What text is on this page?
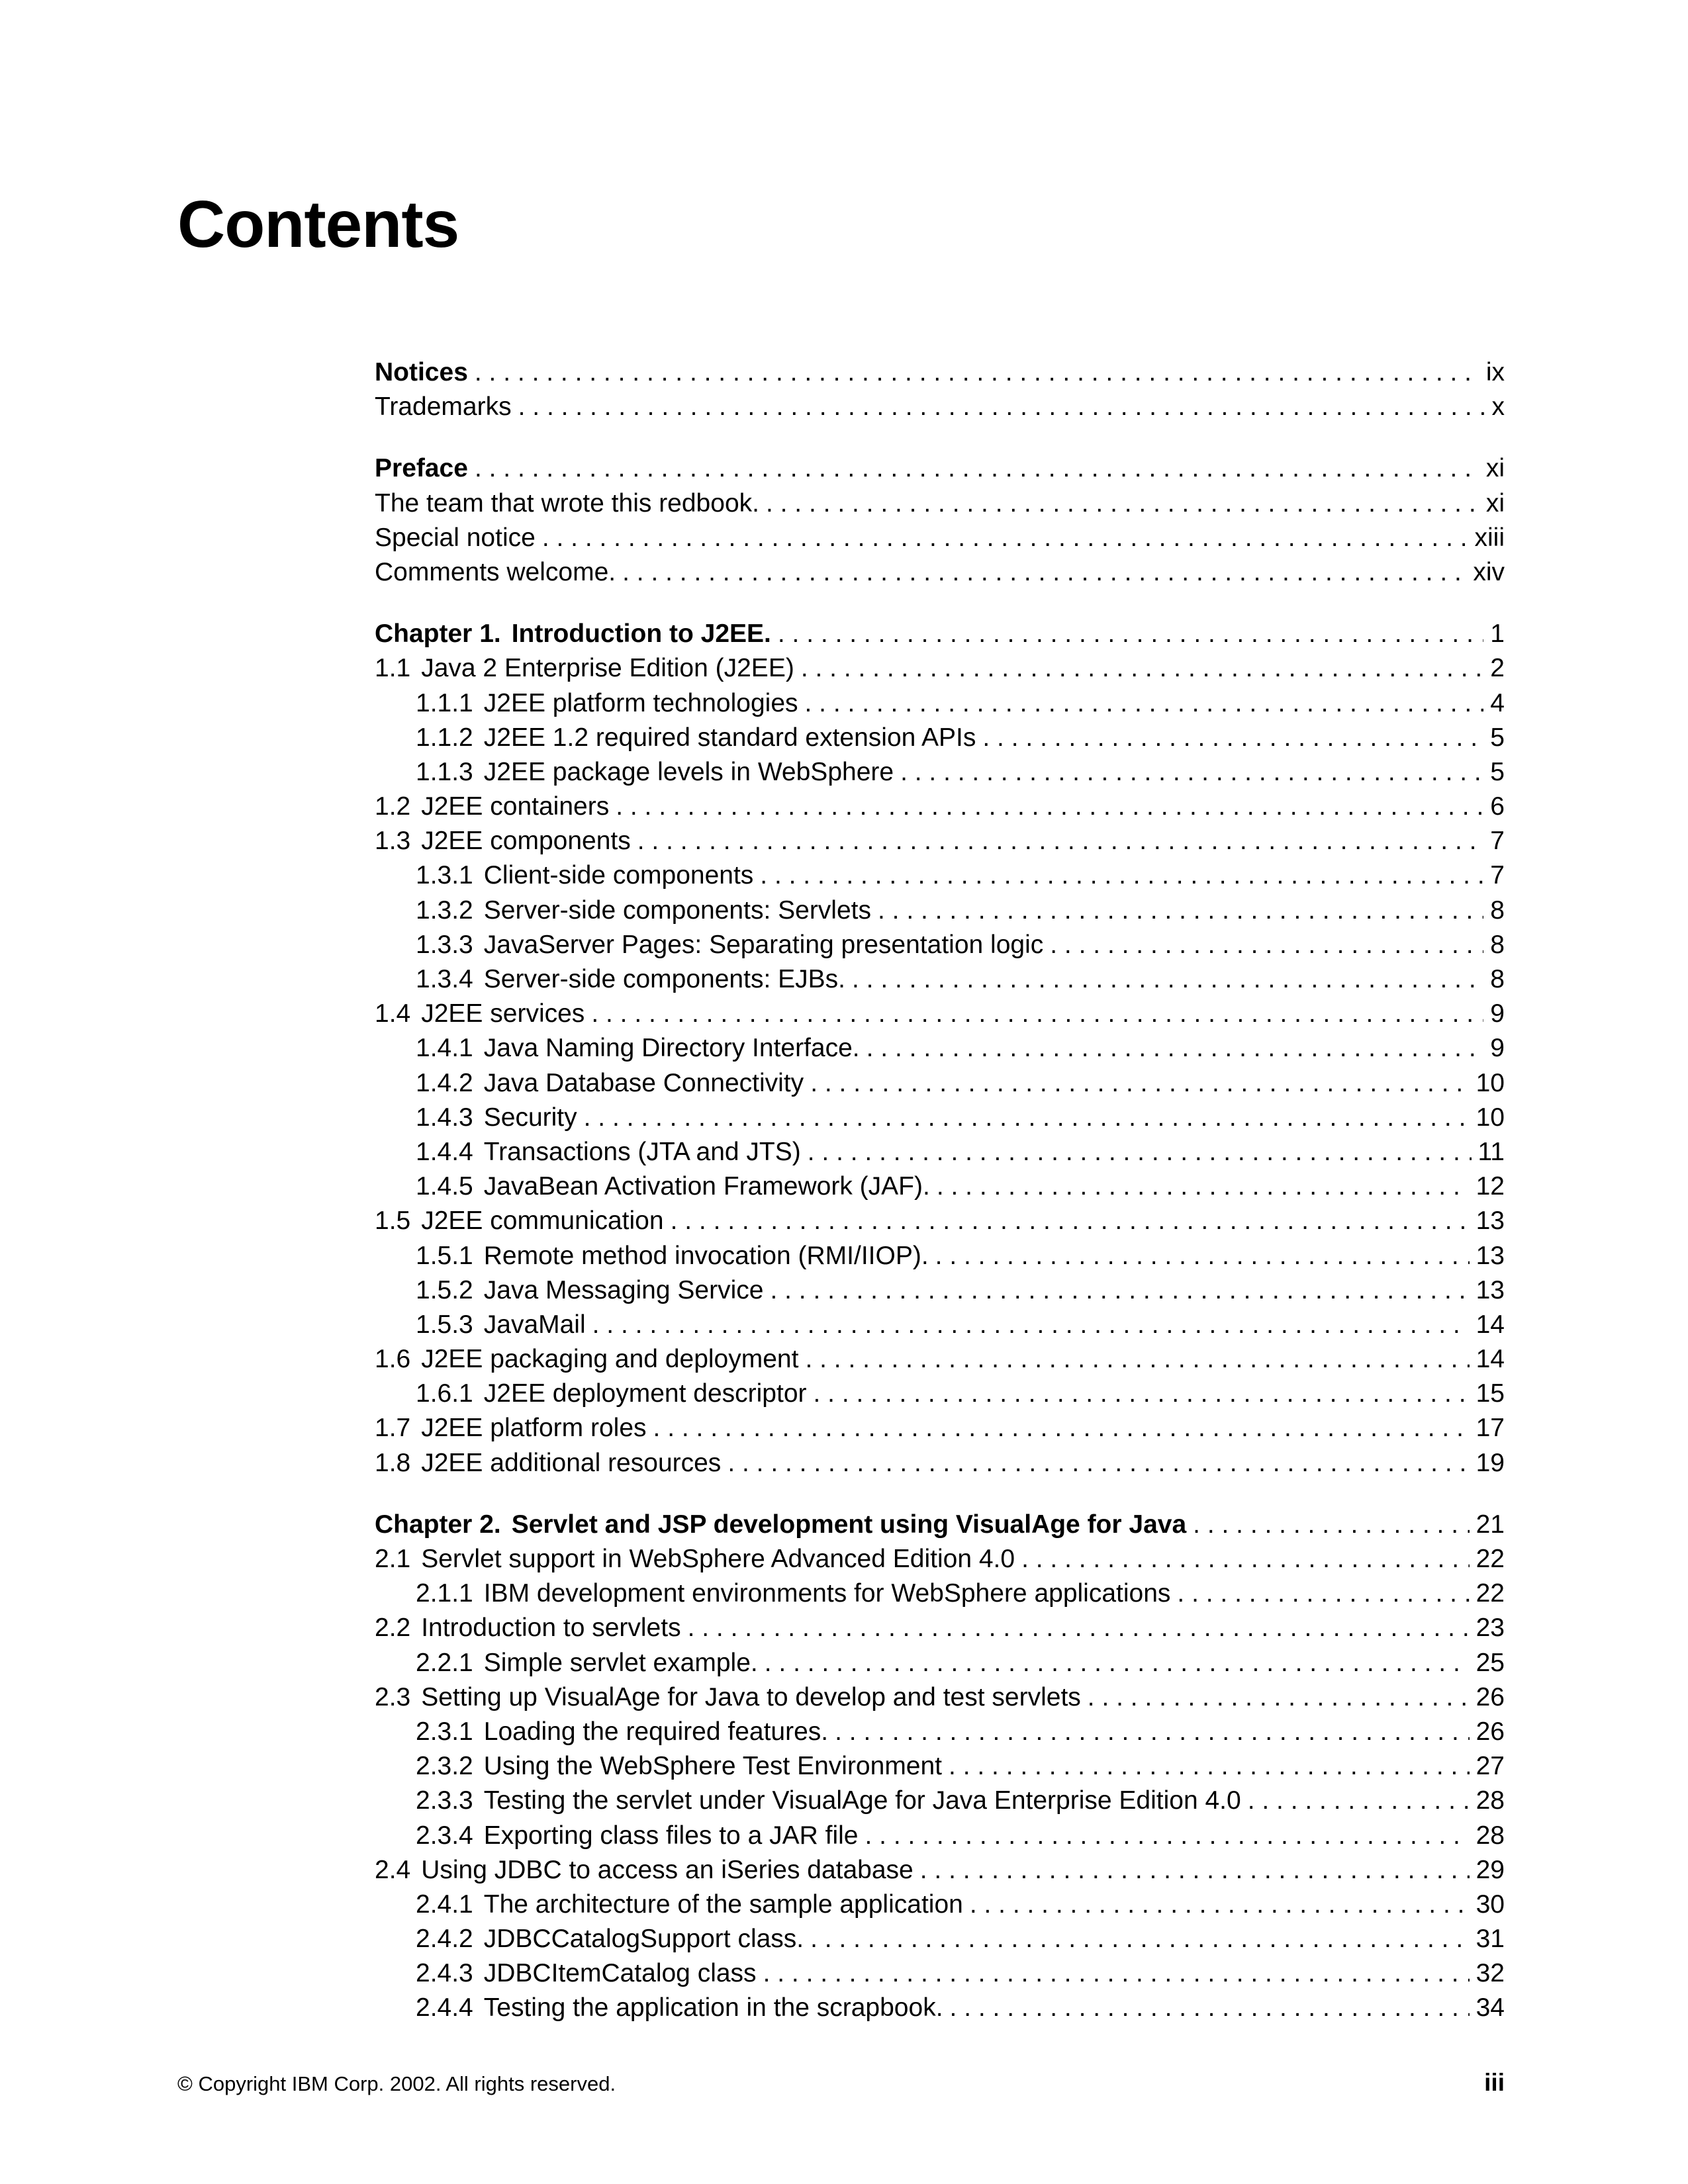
Contents
Notices . . .	ix
Trademarks . . .	x
Preface . . .	xi
The team that wrote this redbook. . . .	xi
Special notice . . .	xiii
Comments welcome. . . .	xiv
Chapter 1. Introduction to J2EE. . . .	1
1.1 Java 2 Enterprise Edition (J2EE) . . .	2
1.1.1 J2EE platform technologies . . .	4
1.1.2 J2EE 1.2 required standard extension APIs . . .	5
1.1.3 J2EE package levels in WebSphere . . .	5
1.2 J2EE containers . . .	6
1.3 J2EE components . . .	7
1.3.1 Client-side components . . .	7
1.3.2 Server-side components: Servlets . . .	8
1.3.3 JavaServer Pages: Separating presentation logic . . .	8
1.3.4 Server-side components: EJBs. . . .	8
1.4 J2EE services . . .	9
1.4.1 Java Naming Directory Interface. . . .	9
1.4.2 Java Database Connectivity . . .	10
1.4.3 Security . . .	10
1.4.4 Transactions (JTA and JTS) . . .	11
1.4.5 JavaBean Activation Framework (JAF). . . .	12
1.5 J2EE communication . . .	13
1.5.1 Remote method invocation (RMI/IIOP). . . .	13
1.5.2 Java Messaging Service . . .	13
1.5.3 JavaMail . . .	14
1.6 J2EE packaging and deployment . . .	14
1.6.1 J2EE deployment descriptor . . .	15
1.7 J2EE platform roles . . .	17
1.8 J2EE additional resources . . .	19
Chapter 2. Servlet and JSP development using VisualAge for Java . . .	21
2.1 Servlet support in WebSphere Advanced Edition 4.0 . . .	22
2.1.1 IBM development environments for WebSphere applications . . .	22
2.2 Introduction to servlets . . .	23
2.2.1 Simple servlet example. . . .	25
2.3 Setting up VisualAge for Java to develop and test servlets . . .	26
2.3.1 Loading the required features. . . .	26
2.3.2 Using the WebSphere Test Environment . . .	27
2.3.3 Testing the servlet under VisualAge for Java Enterprise Edition 4.0 . . .	28
2.3.4 Exporting class files to a JAR file . . .	28
2.4 Using JDBC to access an iSeries database . . .	29
2.4.1 The architecture of the sample application . . .	30
2.4.2 JDBCCatalogSupport class. . . .	31
2.4.3 JDBCItemCatalog class . . .	32
2.4.4 Testing the application in the scrapbook. . . .	34
© Copyright IBM Corp. 2002. All rights reserved.	iii
